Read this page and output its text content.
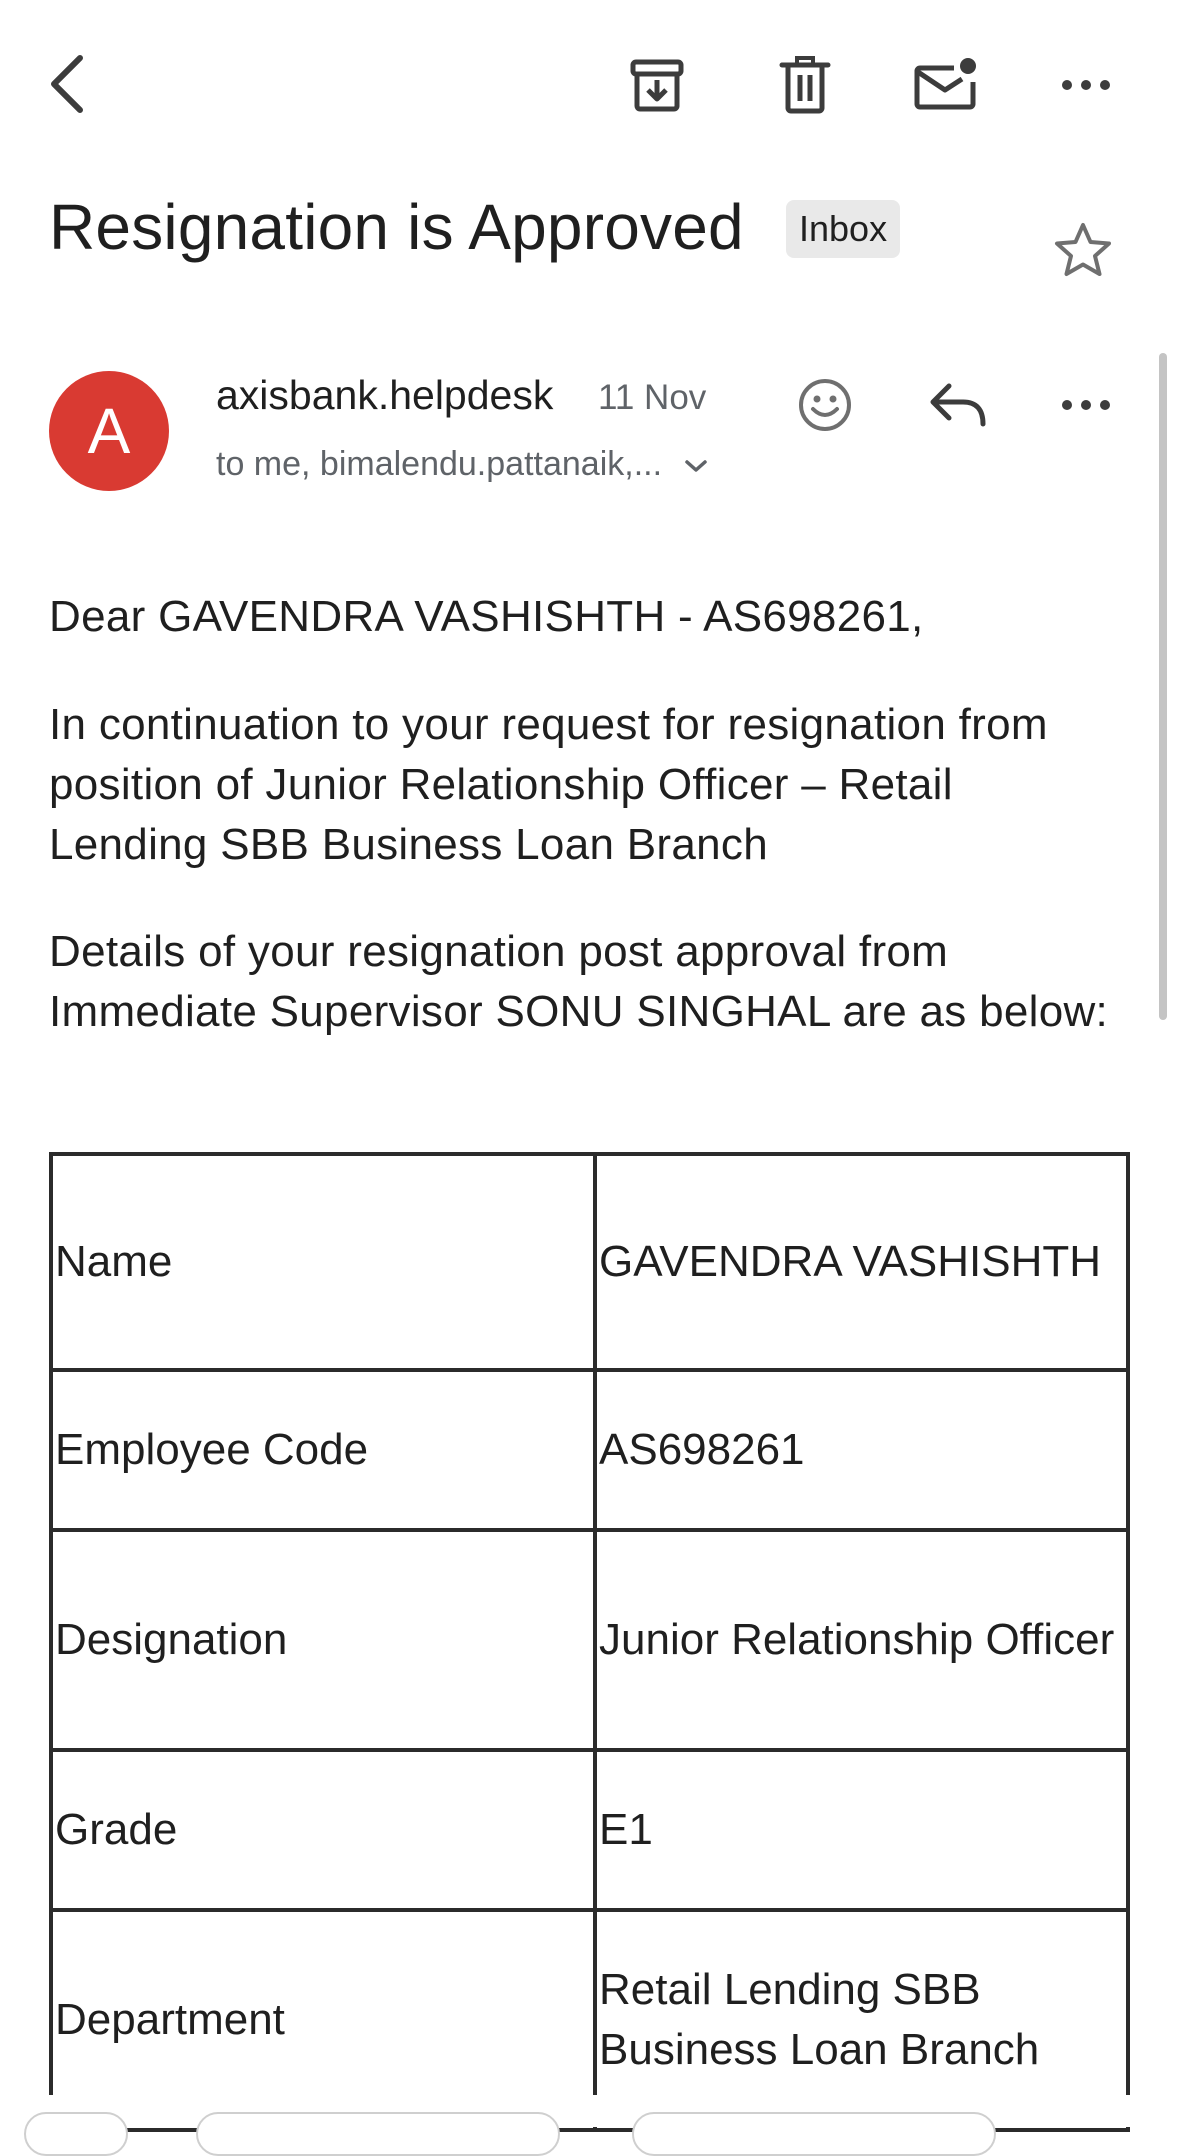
Resignation is Approved	Inbox
A axisbank.helpdesk 11 Nov
to me, bimalendu.pattanaik,...
Dear GAVENDRA VASHISHTH - AS698261,
In continuation to your request for resignation from position of Junior Relationship Officer – Retail Lending SBB Business Loan Branch
Details of your resignation post approval from Immediate Supervisor SONU SINGHAL are as below:
Name	GAVENDRA VASHISHTH
Employee Code	AS698261
Designation	Junior Relationship Officer
Grade	E1
Department	Retail Lending SBB Business Loan Branch
